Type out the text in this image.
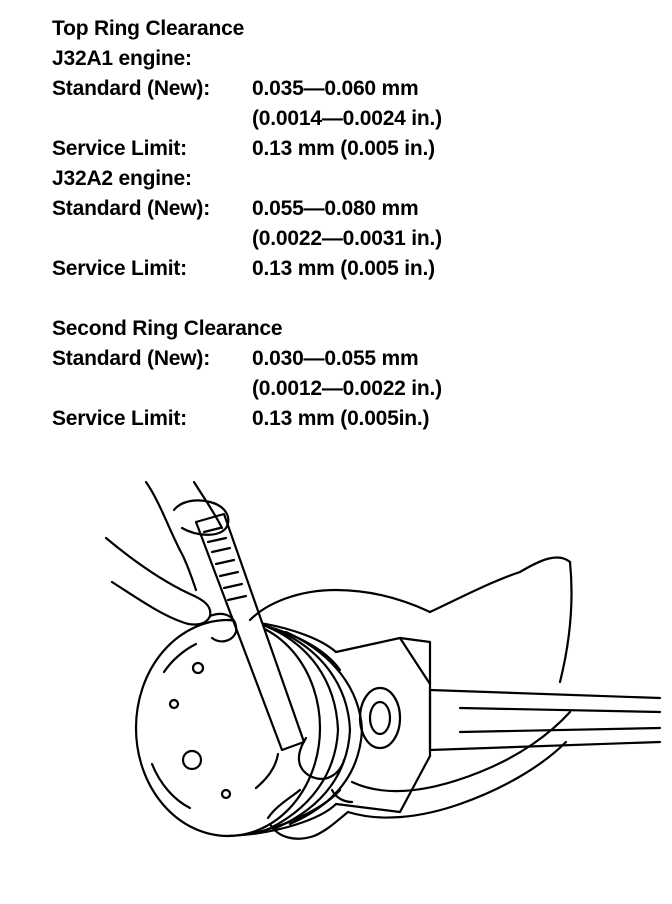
Top Ring Clearance
J32A1 engine:
Standard (New):	0.035—0.060 mm
(0.0014—0.0024 in.)
Service Limit:	0.13 mm (0.005 in.)
J32A2 engine:
Standard (New):	0.055—0.080 mm
(0.0022—0.0031 in.)
Service Limit:	0.13 mm (0.005 in.)
Second Ring Clearance
Standard (New):	0.030—0.055 mm
(0.0012—0.0022 in.)
Service Limit:	0.13 mm (0.005in.)
